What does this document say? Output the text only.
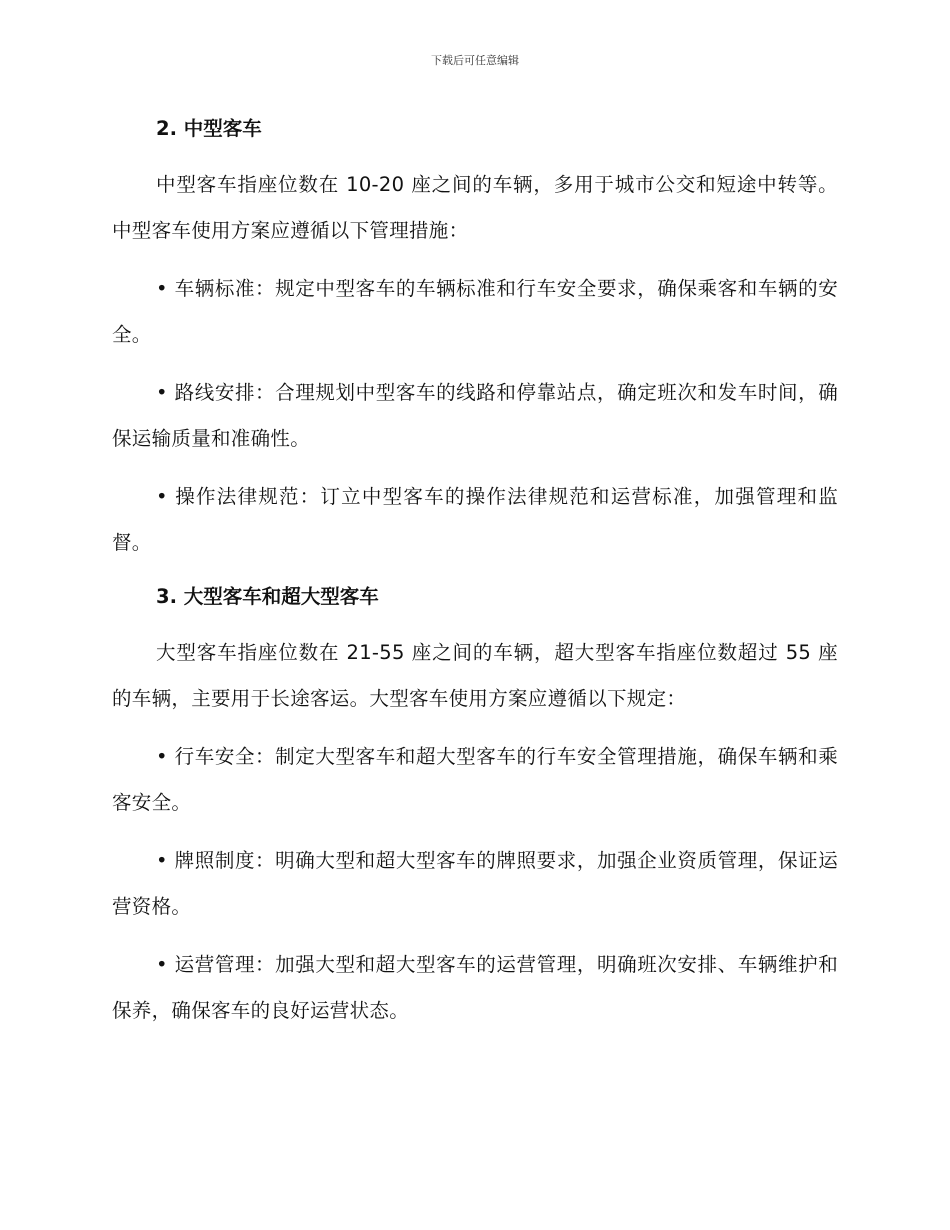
下载后可任意编辑
2. 中型客车

中型客车指座位数在 10-20 座之间的车辆，多用于城市公交和短途中转等。中型客车使用方案应遵循以下管理措施：

• 车辆标准：规定中型客车的车辆标准和行车安全要求，确保乘客和车辆的安全。

• 路线安排：合理规划中型客车的线路和停靠站点，确定班次和发车时间，确保运输质量和准确性。

• 操作法律规范：订立中型客车的操作法律规范和运营标准，加强管理和监督。

3. 大型客车和超大型客车

大型客车指座位数在 21-55 座之间的车辆，超大型客车指座位数超过 55 座的车辆，主要用于长途客运。大型客车使用方案应遵循以下规定：

• 行车安全：制定大型客车和超大型客车的行车安全管理措施，确保车辆和乘客安全。

• 牌照制度：明确大型和超大型客车的牌照要求，加强企业资质管理，保证运营资格。

• 运营管理：加强大型和超大型客车的运营管理，明确班次安排、车辆维护和保养，确保客车的良好运营状态。
